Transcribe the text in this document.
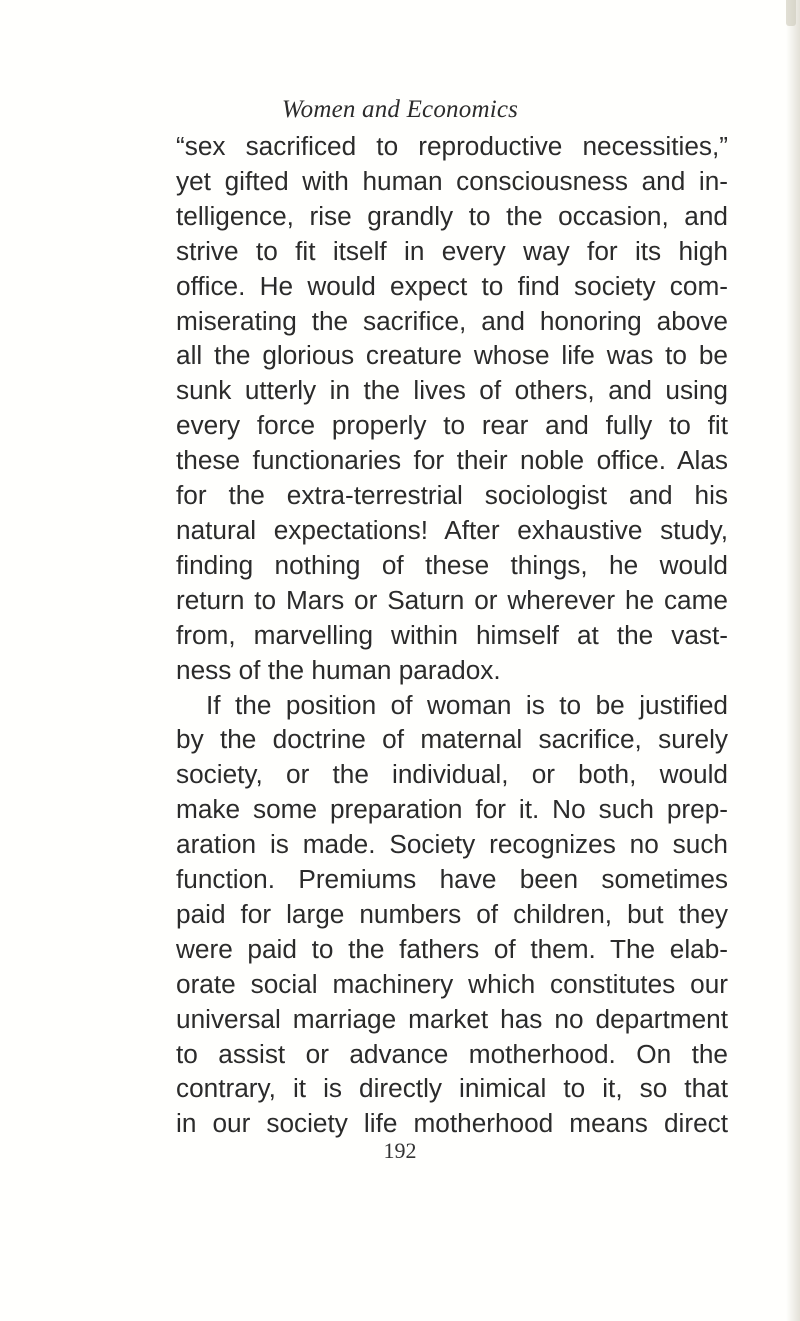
Women and Economics

“sex sacrificed to reproductive necessities,”
yet gifted with human consciousness and in-
telligence, rise grandly to the occasion, and
strive to fit itself in every way for its high
office. He would expect to find society com-
miserating the sacrifice, and honoring above
all the glorious creature whose life was to be
sunk utterly in the lives of others, and using
every force properly to rear and fully to fit
these functionaries for their noble office. Alas
for the extra-terrestrial sociologist and his
natural expectations! After exhaustive study,
finding nothing of these things, he would
return to Mars or Saturn or wherever he came
from, marvelling within himself at the vast-
ness of the human paradox.

If the position of woman is to be justified
by the doctrine of maternal sacrifice, surely
society, or the individual, or both, would
make some preparation for it. No such prep-
aration is made. Society recognizes no such
function. Premiums have been sometimes
paid for large numbers of children, but they
were paid to the fathers of them. The elab-
orate social machinery which constitutes our
universal marriage market has no department
to assist or advance motherhood. On the
contrary, it is directly inimical to it, so that
in our society life motherhood means direct

192
